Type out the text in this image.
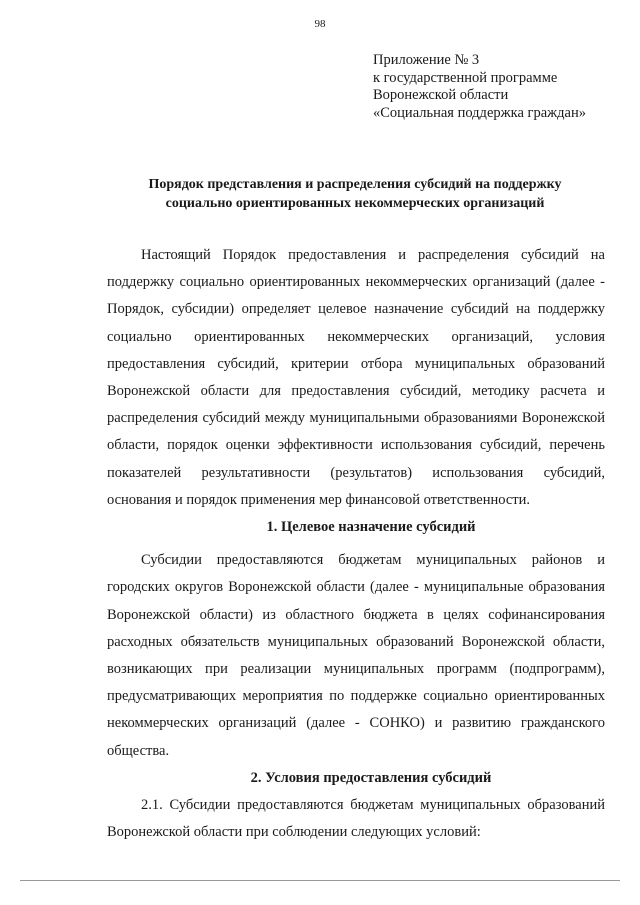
98
Приложение № 3
к государственной программе
Воронежской области
«Социальная поддержка граждан»
Порядок представления и распределения субсидий на поддержку
социально ориентированных некоммерческих организаций

Настоящий Порядок предоставления и распределения субсидий на поддержку социально ориентированных некоммерческих организаций (далее - Порядок, субсидии) определяет целевое назначение субсидий на поддержку социально ориентированных некоммерческих организаций, условия предоставления субсидий, критерии отбора муниципальных образований Воронежской области для предоставления субсидий, методику расчета и распределения субсидий между муниципальными образованиями Воронежской области, порядок оценки эффективности использования субсидий, перечень показателей результативности (результатов) использования субсидий, основания и порядок применения мер финансовой ответственности.

1. Целевое назначение субсидий

Субсидии предоставляются бюджетам муниципальных районов и городских округов Воронежской области (далее - муниципальные образования Воронежской области) из областного бюджета в целях софинансирования расходных обязательств муниципальных образований Воронежской области, возникающих при реализации муниципальных программ (подпрограмм), предусматривающих мероприятия по поддержке социально ориентированных некоммерческих организаций (далее - СОНКО) и развитию гражданского общества.

2. Условия предоставления субсидий

2.1. Субсидии предоставляются бюджетам муниципальных образований Воронежской области при соблюдении следующих условий:
